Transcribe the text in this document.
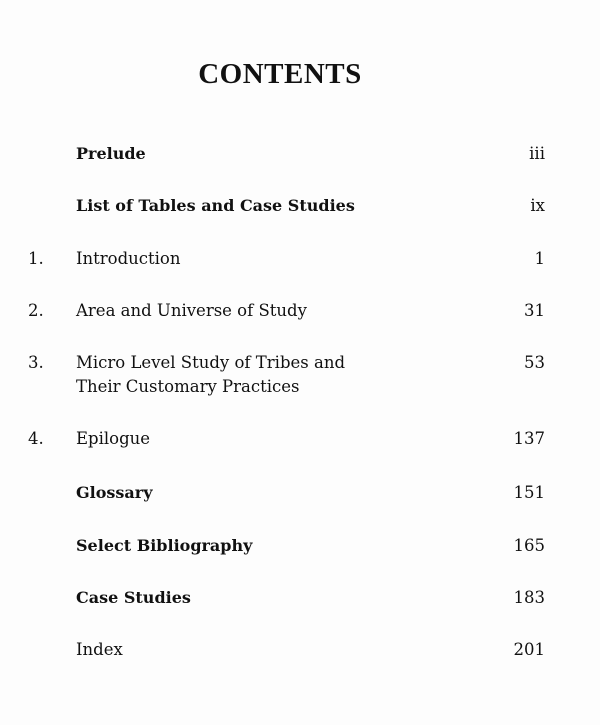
CONTENTS
Prelude	iii
List of Tables and Case Studies	ix
1. Introduction	1
2. Area and Universe of Study	31
3. Micro Level Study of Tribes and	53
Their Customary Practices
4. Epilogue	137
Glossary	151
Select Bibliography	165
Case Studies	183
Index	201
